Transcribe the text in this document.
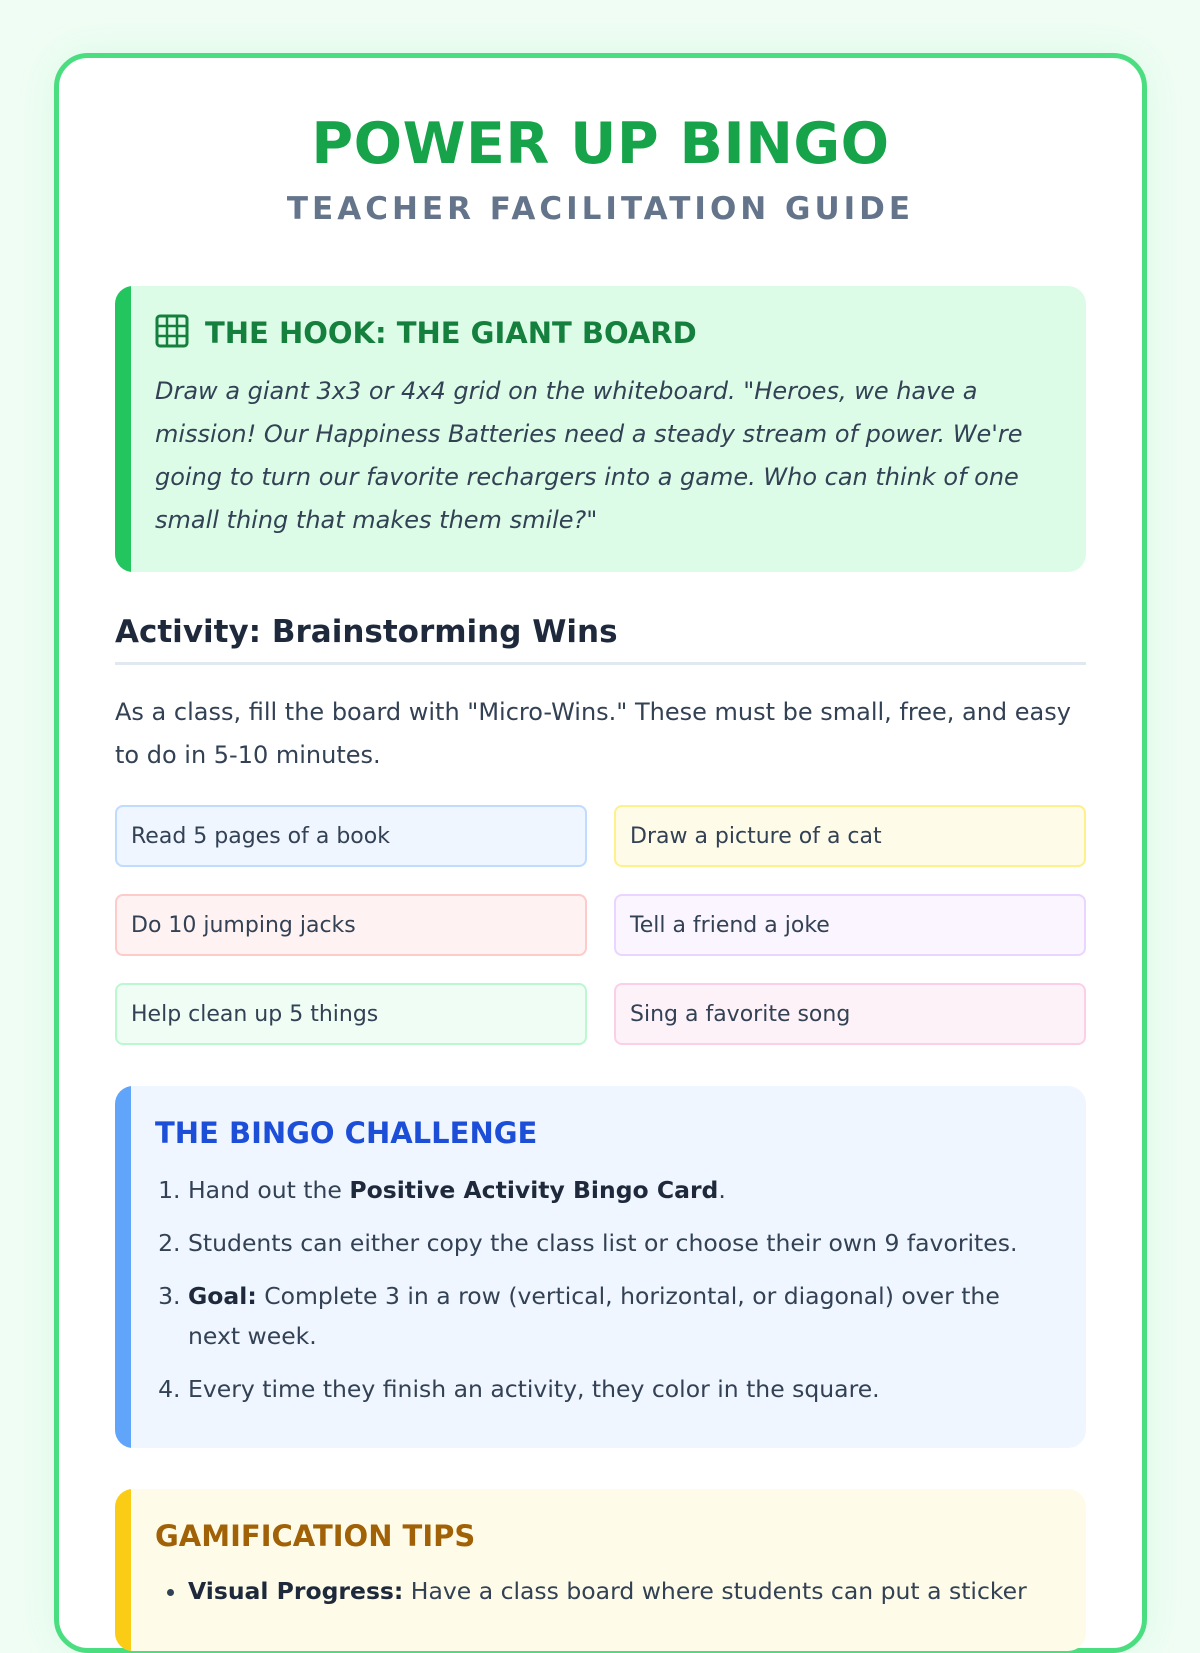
POWER UP BINGO
TEACHER FACILITATION GUIDE
THE HOOK: THE GIANT BOARD

Draw a giant 3x3 or 4x4 grid on the whiteboard. "Heroes, we have a mission! Our Happiness Batteries need a steady stream of power. We're going to turn our favorite rechargers into a game. Who can think of one small thing that makes them smile?"

Activity: Brainstorming Wins

As a class, fill the board with "Micro-Wins." These must be small, free, and easy to do in 5-10 minutes.

Read 5 pages of a book	Draw a picture of a cat
Do 10 jumping jacks	Tell a friend a joke
Help clean up 5 things	Sing a favorite song
THE BINGO CHALLENGE
1. Hand out the Positive Activity Bingo Card.
2. Students can either copy the class list or choose their own 9 favorites.
3. Goal: Complete 3 in a row (vertical, horizontal, or diagonal) over the next week.
4. Every time they finish an activity, they color in the square.
GAMIFICATION TIPS
• Visual Progress: Have a class board where students can put a sticker
